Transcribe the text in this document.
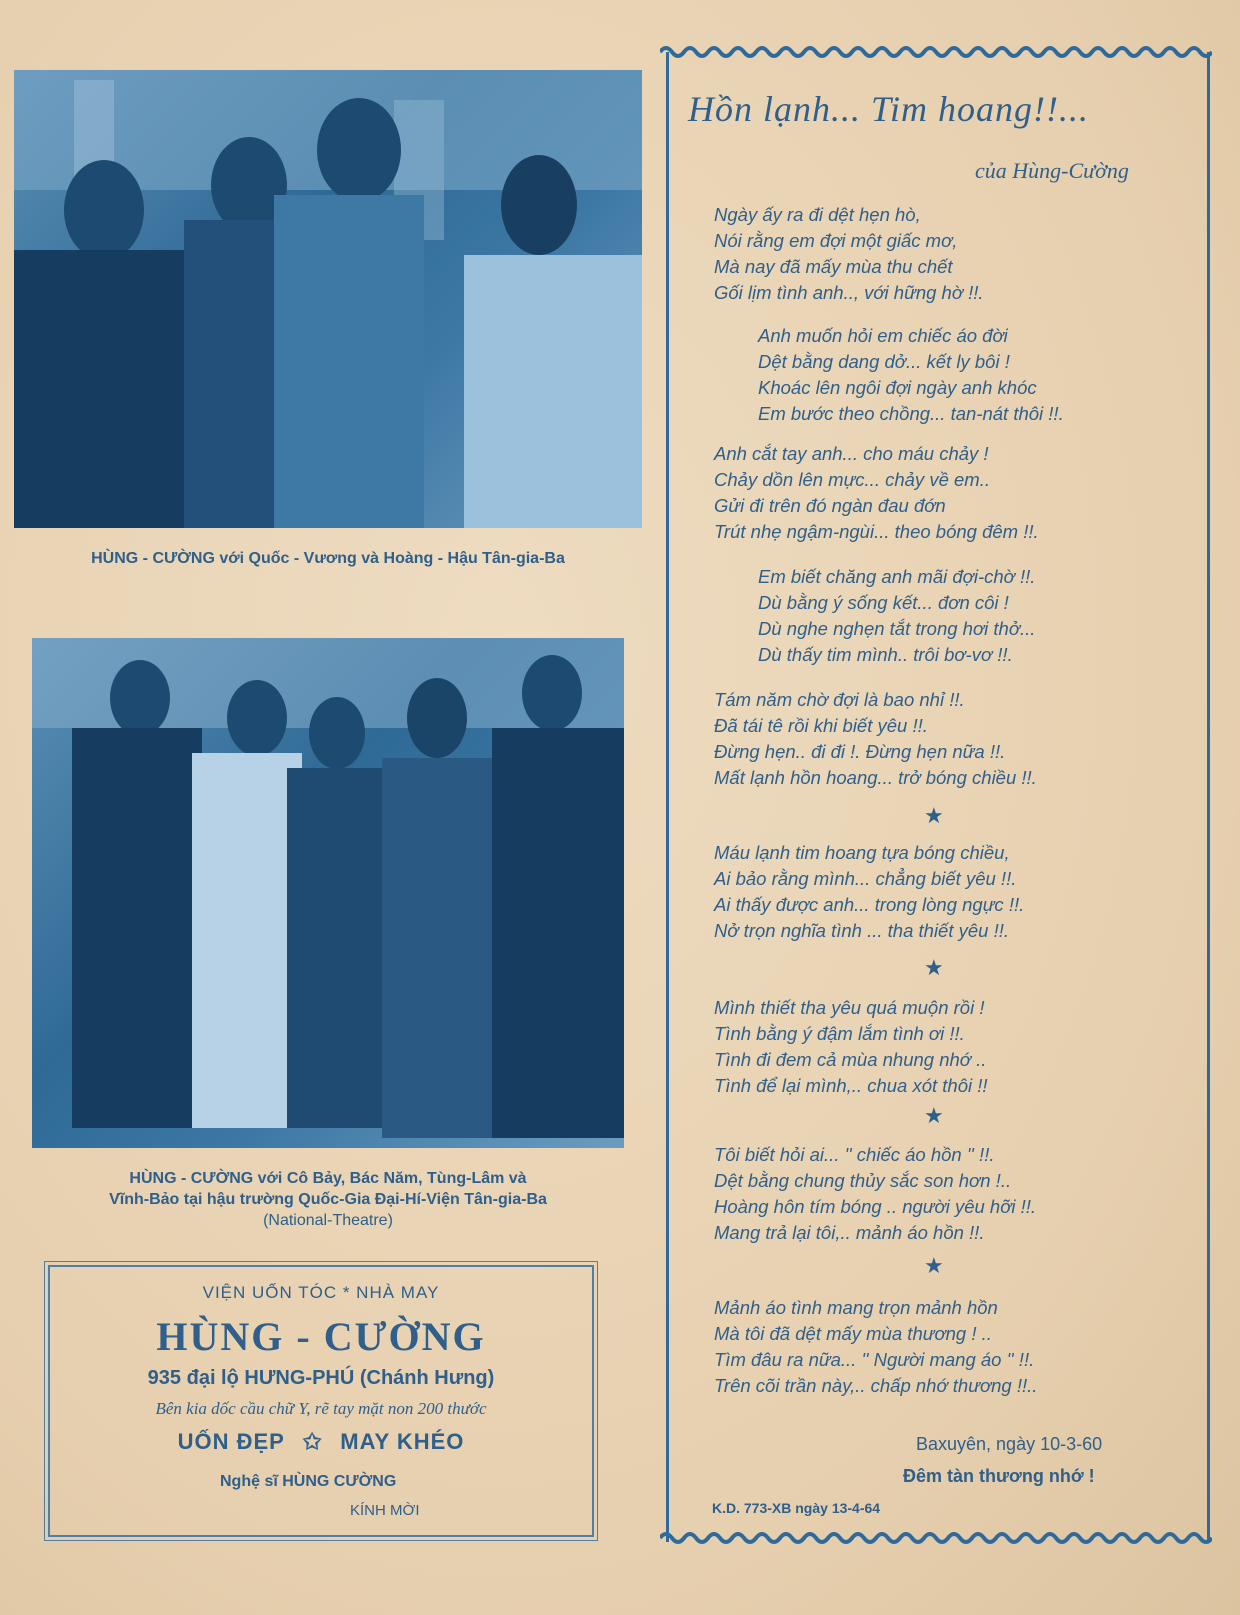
HÙNG - CƯỜNG với Quốc - Vương và Hoàng - Hậu Tân-gia-Ba
HÙNG - CƯỜNG với Cô Bảy, Bác Năm, Tùng-Lâm và
Vĩnh-Bảo tại hậu trường Quốc-Gia Đại-Hí-Viện Tân-gia-Ba
(National-Theatre)
VIỆN UỐN TÓC * NHÀ MAY
HÙNG - CƯỜNG
935 đại lộ HƯNG-PHÚ (Chánh Hưng)
Bên kia dốc cầu chữ Y, rẽ tay mặt non 200 thước
UỐN ĐẸP ✩ MAY KHÉO
Nghệ sĩ HÙNG CƯỜNG
KÍNH MỜI
Hồn lạnh... Tim hoang!!...
của Hùng-Cường
Ngày ấy ra đi dệt hẹn hò,
Nói rằng em đợi một giấc mơ,
Mà nay đã mấy mùa thu chết
Gối lịm tình anh.., với hững hờ !!.
Anh muốn hỏi em chiếc áo đời
Dệt bằng dang dở... kết ly bôi !
Khoác lên ngôi đợi ngày anh khóc
Em bước theo chồng... tan-nát thôi !!.
Anh cắt tay anh... cho máu chảy !
Chảy dồn lên mực... chảy về em..
Gửi đi trên đó ngàn đau đớn
Trút nhẹ ngậm-ngùi... theo bóng đêm !!.
Em biết chăng anh mãi đợi-chờ !!.
Dù bằng ý sống kết... đơn côi !
Dù nghe nghẹn tắt trong hơi thở...
Dù thấy tim mình.. trôi bơ-vơ !!.
Tám năm chờ đợi là bao nhỉ !!.
Đã tái tê rồi khi biết yêu !!.
Đừng hẹn.. đi đi !. Đừng hẹn nữa !!.
Mất lạnh hồn hoang... trở bóng chiều !!.
★
Máu lạnh tim hoang tựa bóng chiều,
Ai bảo rằng mình... chẳng biết yêu !!.
Ai thấy được anh... trong lòng ngực !!.
Nở trọn nghĩa tình ... tha thiết yêu !!.
★
Mình thiết tha yêu quá muộn rồi !
Tình bằng ý đậm lắm tình ơi !!.
Tình đi đem cả mùa nhung nhớ ..
Tình để lại mình,.. chua xót thôi !!
★
Tôi biết hỏi ai... '' chiếc áo hồn '' !!.
Dệt bằng chung thủy sắc son hơn !..
Hoàng hôn tím bóng .. người yêu hỡi !!.
Mang trả lại tôi,.. mảnh áo hồn !!.
★
Mảnh áo tình mang trọn mảnh hồn
Mà tôi đã dệt mấy mùa thương ! ..
Tìm đâu ra nữa... '' Người mang áo '' !!.
Trên cõi trần này,.. chấp nhớ thương !!..
Baxuyên, ngày 10-3-60
Đêm tàn thương nhớ !
K.D. 773-XB ngày 13-4-64
